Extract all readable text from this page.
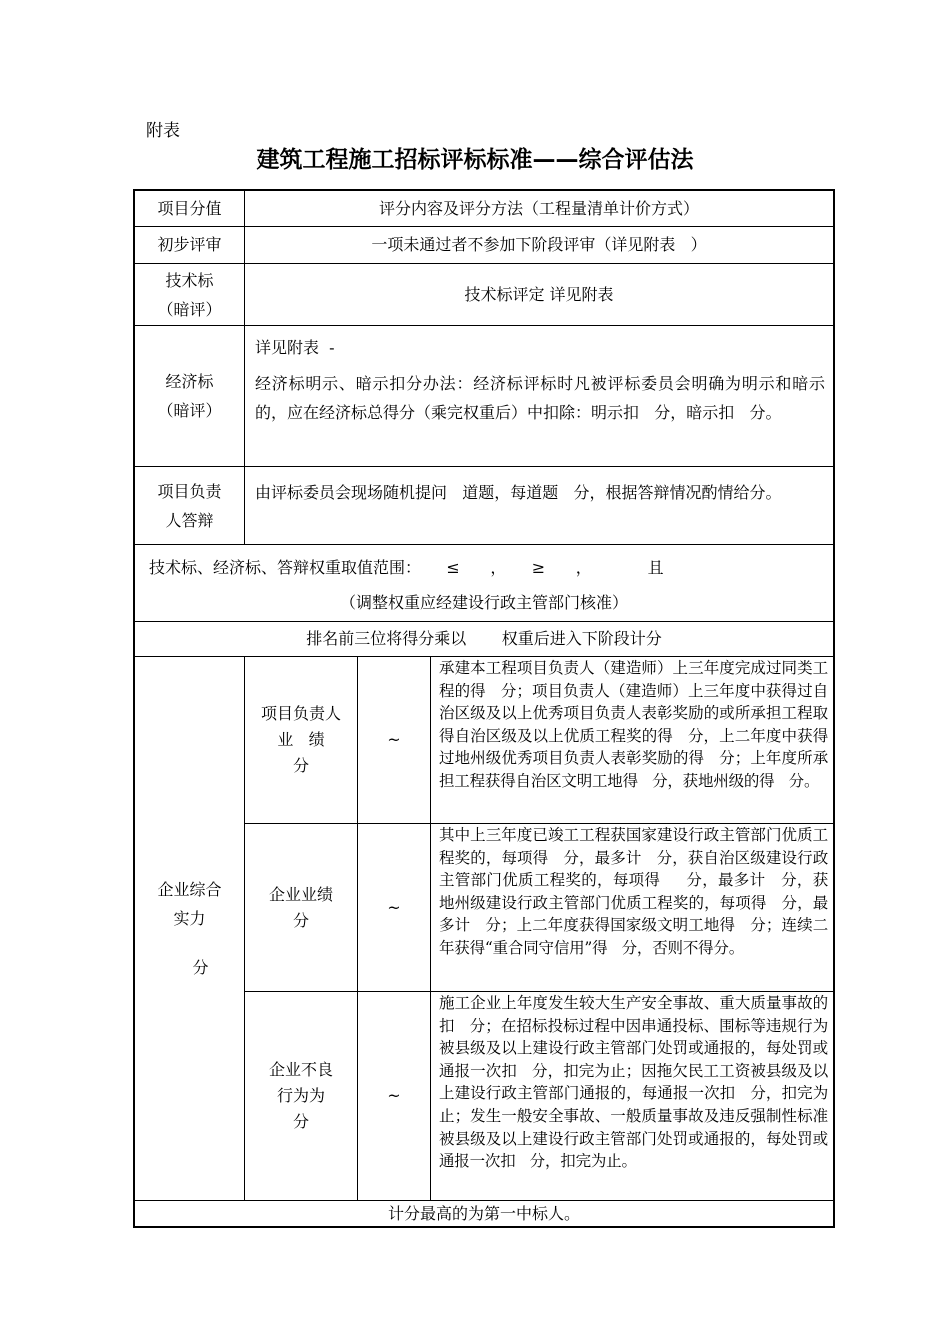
附表
建筑工程施工招标评标标准——综合评估法
项目分值	评分内容及评分方法（工程量清单计价方式）
初步评审	一项未通过者不参加下阶段评审（详见附表   ）
技术标
（暗评）
技术标评定 详见附表
经济标
（暗评）
详见附表  -
经济标明示、暗示扣分办法：经济标评标时凡被评标委员会明确为明示和暗示的，应在经济标总得分（乘完权重后）中扣除：明示扣   分，暗示扣   分。
项目负责
人答辩
由评标委员会现场随机提问   道题，每道题   分，根据答辩情况酌情给分。
技术标、经济标、答辩权重取值范围：     ≤      ，     ≥      ，           且
（调整权重应经建设行政主管部门核准）
排名前三位将得分乘以       权重后进入下阶段计分
企业综合
实力
分
项目负责人
业   绩
分
~
承建本工程项目负责人（建造师）上三年度完成过同类工程的得   分；项目负责人（建造师）上三年度中获得过自治区级及以上优秀项目负责人表彰奖励的或所承担工程取得自治区级及以上优质工程奖的得   分，上二年度中获得过地州级优秀项目负责人表彰奖励的得   分；上年度所承担工程获得自治区文明工地得   分，获地州级的得   分。
企业业绩
分
~
其中上三年度已竣工工程获国家建设行政主管部门优质工程奖的，每项得   分，最多计   分，获自治区级建设行政主管部门优质工程奖的，每项得     分，最多计   分，获地州级建设行政主管部门优质工程奖的，每项得   分，最多计   分；上二年度获得国家级文明工地得   分；连续二年获得“重合同守信用”得   分，否则不得分。
企业不良
行为为
分
~
施工企业上年度发生较大生产安全事故、重大质量事故的扣   分；在招标投标过程中因串通投标、围标等违规行为被县级及以上建设行政主管部门处罚或通报的，每处罚或通报一次扣   分，扣完为止；因拖欠民工工资被县级及以上建设行政主管部门通报的，每通报一次扣   分，扣完为止；发生一般安全事故、一般质量事故及违反强制性标准被县级及以上建设行政主管部门处罚或通报的，每处罚或通报一次扣   分，扣完为止。
计分最高的为第一中标人。
